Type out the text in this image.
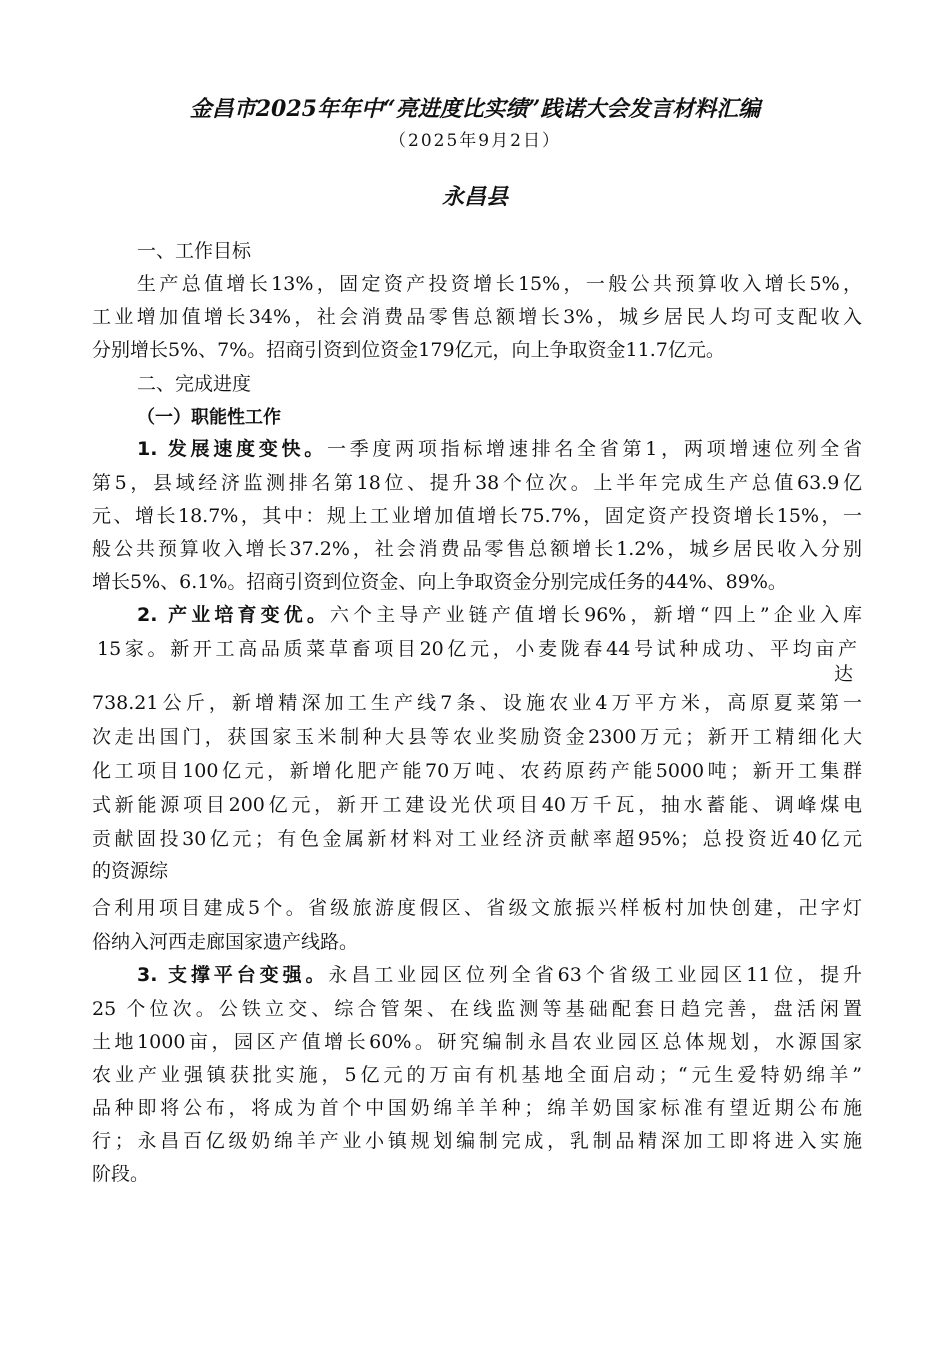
金昌市2025年年中“亮进度比实绩”践诺大会发言材料汇编
（2025年9月2日）
永昌县
一、工作目标
生产总值增长13%，固定资产投资增长15%，一般公共预算收入增长5%，
工业增加值增长34%，社会消费品零售总额增长3%，城乡居民人均可支配收入
分别增长5%、7%。招商引资到位资金179亿元，向上争取资金11.7亿元。
二、完成进度
（一）职能性工作
1. 发展速度变快。一季度两项指标增速排名全省第1，两项增速位列全省
第5，县域经济监测排名第18位、提升38个位次。上半年完成生产总值63.9亿
元、增长18.7%，其中：规上工业增加值增长75.7%，固定资产投资增长15%，一
般公共预算收入增长37.2%，社会消费品零售总额增长1.2%，城乡居民收入分别
增长5%、6.1%。招商引资到位资金、向上争取资金分别完成任务的44%、89%。
2. 产业培育变优。六个主导产业链产值增长96%，新增“四上”企业入库
15家。新开工高品质菜草畜项目20亿元，小麦陇春44号试种成功、平均亩产
达
738.21公斤，新增精深加工生产线7条、设施农业4万平方米，高原夏菜第一
次走出国门，获国家玉米制种大县等农业奖励资金2300万元；新开工精细化大
化工项目100亿元，新增化肥产能70万吨、农药原药产能5000吨；新开工集群
式新能源项目200亿元，新开工建设光伏项目40万千瓦，抽水蓄能、调峰煤电
贡献固投30亿元；有色金属新材料对工业经济贡献率超95%；总投资近40亿元
的资源综
合利用项目建成5个。省级旅游度假区、省级文旅振兴样板村加快创建，卍字灯
俗纳入河西走廊国家遗产线路。
3. 支撑平台变强。永昌工业园区位列全省63个省级工业园区11位，提升
25 个位次。公铁立交、综合管架、在线监测等基础配套日趋完善，盘活闲置
土地1000亩，园区产值增长60%。研究编制永昌农业园区总体规划，水源国家
农业产业强镇获批实施，5亿元的万亩有机基地全面启动；“元生爱特奶绵羊”
品种即将公布，将成为首个中国奶绵羊羊种；绵羊奶国家标准有望近期公布施
行；永昌百亿级奶绵羊产业小镇规划编制完成，乳制品精深加工即将进入实施
阶段。
